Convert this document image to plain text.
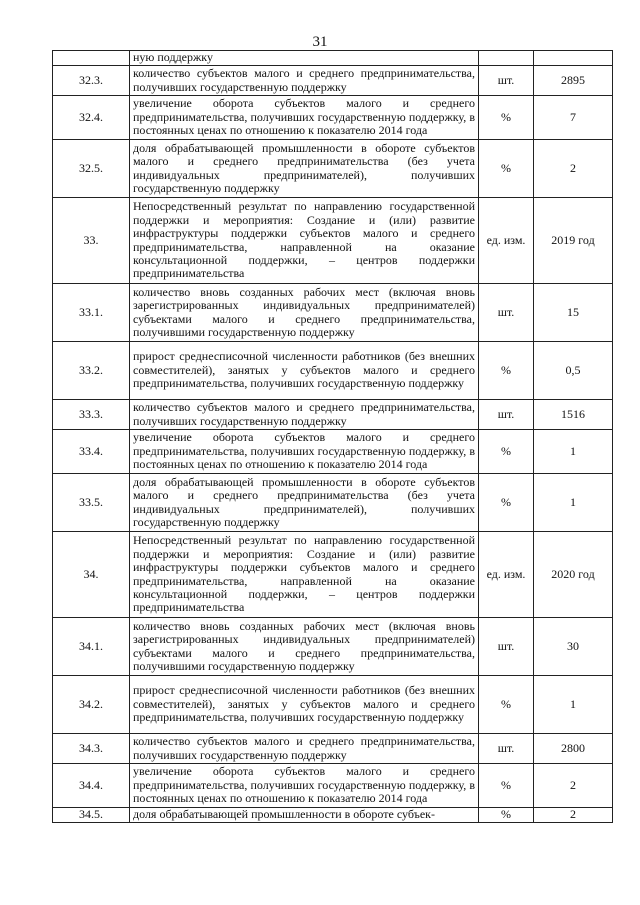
31
	ную поддержку		
32.3.	количество субъектов малого и среднего предпринимательства, получивших государственную поддержку	шт.	2895
32.4.	увеличение оборота субъектов малого и среднего предпринимательства, получивших государственную поддержку, в постоянных ценах по отношению к показателю 2014 года	%	7
32.5.	доля обрабатывающей промышленности в обороте субъектов малого и среднего предпринимательства (без учета индивидуальных предпринимателей), получивших государственную поддержку	%	2
33.	Непосредственный результат по направлению государственной поддержки и мероприятия: Создание и (или) развитие инфраструктуры поддержки субъектов малого и среднего предпринимательства, направленной на оказание консультационной поддержки, – центров поддержки предпринимательства	ед. изм.	2019 год
33.1.	количество вновь созданных рабочих мест (включая вновь зарегистрированных индивидуальных предпринимателей) субъектами малого и среднего предпринимательства, получившими государственную поддержку	шт.	15
33.2.	прирост среднесписочной численности работников (без внешних совместителей), занятых у субъектов малого и среднего предпринимательства, получивших государственную поддержку	%	0,5
33.3.	количество субъектов малого и среднего предпринимательства, получивших государственную поддержку	шт.	1516
33.4.	увеличение оборота субъектов малого и среднего предпринимательства, получивших государственную поддержку, в постоянных ценах по отношению к показателю 2014 года	%	1
33.5.	доля обрабатывающей промышленности в обороте субъектов малого и среднего предпринимательства (без учета индивидуальных предпринимателей), получивших государственную поддержку	%	1
34.	Непосредственный результат по направлению государственной поддержки и мероприятия: Создание и (или) развитие инфраструктуры поддержки субъектов малого и среднего предпринимательства, направленной на оказание консультационной поддержки, – центров поддержки предпринимательства	ед. изм.	2020 год
34.1.	количество вновь созданных рабочих мест (включая вновь зарегистрированных индивидуальных предпринимателей) субъектами малого и среднего предпринимательства, получившими государственную поддержку	шт.	30
34.2.	прирост среднесписочной численности работников (без внешних совместителей), занятых у субъектов малого и среднего предпринимательства, получивших государственную поддержку	%	1
34.3.	количество субъектов малого и среднего предпринимательства, получивших государственную поддержку	шт.	2800
34.4.	увеличение оборота субъектов малого и среднего предпринимательства, получивших государственную поддержку, в постоянных ценах по отношению к показателю 2014 года	%	2
34.5.	доля обрабатывающей промышленности в обороте субъек-	%	2
